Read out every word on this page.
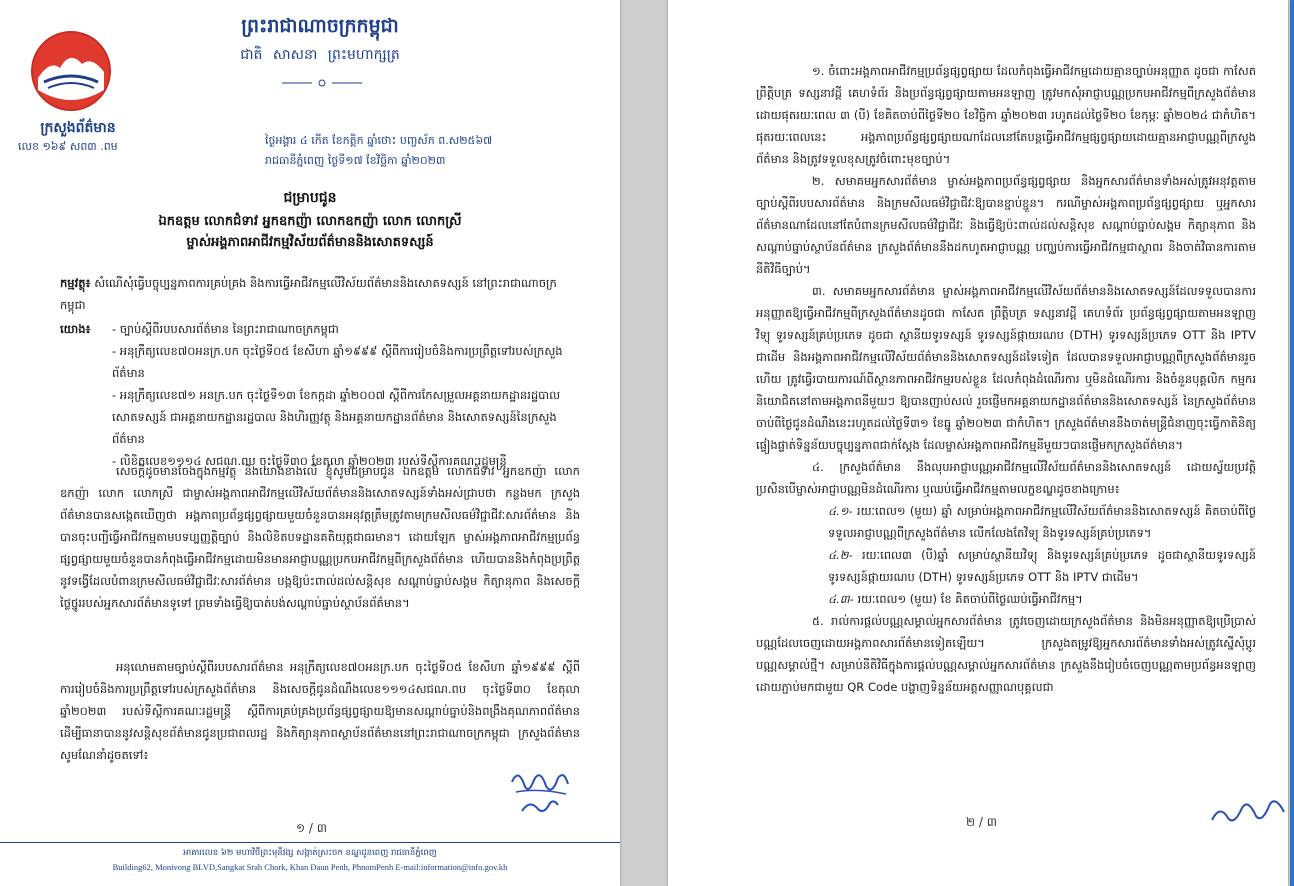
ក្រសួងព័ត៌មាន
លេខ ១៦៩ សព៣ .ពម
ព្រះរាជាណាចក្រកម្ពុជា
ជាតិ សាសនា ព្រះមហាក្សត្រ
ថ្ងៃអង្គារ ៤ កើត ខែកត្តិក ឆ្នាំថោះ បញ្ចស័ក ព.ស២៥៦៧
រាជធានីភ្នំពេញ ថ្ងៃទី១៧ ខែវិច្ឆិកា ឆ្នាំ២០២៣
ជម្រាបជូន
ឯកឧត្តម លោកជំទាវ អ្នកឧកញ៉ា លោកឧកញ៉ា លោក លោកស្រី
ម្ចាស់អង្គភាពអាជីវកម្មវិស័យព័ត៌មាននិងសោតទស្សន៍
កម្មវត្ថុ៖ សំណើសុំធ្វើបច្ចុប្បន្នភាពការគ្រប់គ្រង និងការធ្វើអាជីវកម្មលើវិស័យព័ត៌មាននិងសោតទស្សន៍ នៅព្រះរាជាណាចក្រកម្ពុជា
យោង៖ - ច្បាប់ស្តីពីរបបសារព័ត៌មាន នៃព្រះរាជាណាចក្រកម្ពុជា
- អនុក្រឹត្យលេខ៧០អនក្រ.បក ចុះថ្ងៃទី០៥ ខែសីហា ឆ្នាំ១៩៩៩ ស្តីពីការរៀបចំនិងការប្រព្រឹត្តទៅរបស់ក្រសួងព័ត៌មាន
- អនុក្រឹត្យលេខ៧១ អនក្រ.បក ចុះថ្ងៃទី១៣ ខែកក្កដា ឆ្នាំ២០០៧ ស្តីពីការកែសម្រួលអគ្គនាយកដ្ឋានរដ្ឋបាល សោតទស្សន៍ ជាអគ្គនាយកដ្ឋានរដ្ឋបាល និងហិរញ្ញវត្ថុ និងអគ្គនាយកដ្ឋានព័ត៌មាន និងសោតទស្សន៍នៃក្រសួងព័ត៌មាន
- លិខិតលេខ១១១៤ សជណ.ពប ចុះថ្ងៃទី៣០ ខែតុលា ឆ្នាំ២០២៣ របស់ទីស្តីការគណៈរដ្ឋមន្ត្រី
សេចក្តីដូចមានចែងក្នុងកម្មវត្ថុ និងយោងខាងលើ ខ្ញុំសូមជម្រាបជូន ឯកឧត្តម លោកជំទាវ អ្នកឧកញ៉ា លោកឧកញ៉ា លោក លោកស្រី ជាម្ចាស់អង្គភាពអាជីវកម្មលើវិស័យព័ត៌មាននិងសោតទស្សន៍ទាំងអស់ជ្រាបថា កន្លងមក ក្រសួងព័ត៌មានបានសង្កេតឃើញថា អង្គភាពប្រព័ន្ធផ្សព្វផ្សាយមួយចំនួនបានអនុវត្តត្រឹមត្រូវតាមក្រមសីលធម៌វិជ្ជាជីវៈសារព័ត៌មាន និងបានចុះបញ្ជីធ្វើអាជីវកម្មតាមបទប្បញ្ញត្តិច្បាប់ និងលិខិតបទដ្ឋានគតិយុត្តជាធរមាន។ ដោយឡែក ម្ចាស់អង្គភាពអាជីវកម្មប្រព័ន្ធផ្សព្វផ្សាយមួយចំនួនបានកំពុងធ្វើអាជីវកម្មដោយមិនមានអាជ្ញាបណ្ណប្រកបអាជីវកម្មពីក្រសួងព័ត៌មាន ហើយបាននិងកំពុងប្រព្រឹត្តនូវទង្វើដែលបំពានក្រមសីលធម៌វិជ្ជាជីវៈសារព័ត៌មាន បង្កឱ្យប៉ះពាល់ដល់សន្តិសុខ សណ្តាប់ធ្នាប់សង្គម កិត្យានុភាព និងសេចក្តីថ្លៃថ្នូររបស់អ្នកសារព័ត៌មានទូទៅ ព្រមទាំងធ្វើឱ្យបាត់បង់សណ្តាប់ធ្នាប់ស្ថាប័នព័ត៌មាន។
អនុលោមតាមច្បាប់ស្តីពីរបបសារព័ត៌មាន អនុក្រឹត្យលេខ៧០អនក្រ.បក ចុះថ្ងៃទី០៥ ខែសីហា ឆ្នាំ១៩៩៩ ស្តីពីការរៀបចំនិងការប្រព្រឹត្តទៅរបស់ក្រសួងព័ត៌មាន និងសេចក្តីជូនដំណឹងលេខ១១១៤សជណ.ពប ចុះថ្ងៃទី៣០ ខែតុលា ឆ្នាំ២០២៣ របស់ទីស្តីការគណៈរដ្ឋមន្ត្រី ស្តីពីការគ្រប់គ្រងប្រព័ន្ធផ្សព្វផ្សាយឱ្យមានសណ្តាប់ធ្នាប់និងពង្រឹងគុណភាពព័ត៌មាន ដើម្បីធានាបាននូវសន្តិសុខព័ត៌មានជូនប្រជាពលរដ្ឋ និងកិត្យានុភាពស្ថាប័នព័ត៌មាននៅព្រះរាជាណាចក្រកម្ពុជា ក្រសួងព័ត៌មាន សូមណែនាំដូចតទៅ៖
១ / ៣
អាគារលេខ ៦២ មហាវិថីព្រះមុនីវង្ស សង្កាត់ស្រះចក ខណ្ឌដូនពេញ រាជធានីភ្នំពេញ
Building62, Monivong BLVD,Sangkat Srah Chork, Khan Daun Penh, PhnomPenh E-mail:information@info.gov.kh

១. ចំពោះអង្គភាពអាជីវកម្មប្រព័ន្ធផ្សព្វផ្សាយ ដែលកំពុងធ្វើអាជីវកម្មដោយគ្មានច្បាប់អនុញ្ញាត ដូចជា កាសែត ព្រឹត្តិបត្រ ទស្សនាវដ្តី គេហទំព័រ និងប្រព័ន្ធផ្សព្វផ្សាយតាមអនឡាញ ត្រូវមកសុំអាជ្ញាបណ្ណប្រកបអាជីវកម្មពីក្រសួងព័ត៌មានដោយផុតរយៈពេល ៣ (បី) ខែគិតចាប់ពីថ្ងៃទី២០ ខែវិច្ឆិកា ឆ្នាំ២០២៣ រហូតដល់ថ្ងៃទី២០ ខែកុម្ភៈ ឆ្នាំ២០២៤ ជាកំហិត។ ផុតរយៈពេលនេះ អង្គភាពប្រព័ន្ធផ្សព្វផ្សាយណាដែលនៅតែបន្តធ្វើអាជីវកម្មផ្សព្វផ្សាយដោយគ្មានអាជ្ញាបណ្ណពីក្រសួងព័ត៌មាន និងត្រូវទទួលខុសត្រូវចំពោះមុខច្បាប់។

២. សមាគមអ្នកសារព័ត៌មាន ម្ចាស់អង្គភាពប្រព័ន្ធផ្សព្វផ្សាយ និងអ្នកសារព័ត៌មានទាំងអស់ត្រូវអនុវត្តតាមច្បាប់ស្តីពីរបបសារព័ត៌មាន និងក្រមសីលធម៌វិជ្ជាជីវៈឱ្យបានខ្ជាប់ខ្ជួន។ ករណីម្ចាស់អង្គភាពប្រព័ន្ធផ្សព្វផ្សាយ ឬអ្នកសារព័ត៌មានណាដែលនៅតែបំពានក្រមសីលធម៌វិជ្ជាជីវៈ និងធ្វើឱ្យប៉ះពាល់ដល់សន្តិសុខ សណ្តាប់ធ្នាប់សង្គម កិត្យានុភាព និងសណ្តាប់ធ្នាប់ស្ថាប័នព័ត៌មាន ក្រសួងព័ត៌មាននឹងដកហូតអាជ្ញាបណ្ណ បញ្ឈប់ការធ្វើអាជីវកម្មជាស្ថាពរ និងចាត់វិធានការតាមនីតិវិធីច្បាប់។

៣. សមាគមអ្នកសារព័ត៌មាន ម្ចាស់អង្គភាពអាជីវកម្មលើវិស័យព័ត៌មាននិងសោតទស្សន៍ដែលទទួលបានការអនុញ្ញាតឱ្យធ្វើអាជីវកម្មពីក្រសួងព័ត៌មានដូចជា កាសែត ព្រឹត្តិបត្រ ទស្សនាវដ្តី គេហទំព័រ ប្រព័ន្ធផ្សព្វផ្សាយតាមអនឡាញ វិទ្យុ ទូរទស្សន៍គ្រប់ប្រភេទ ដូចជា ស្ថានីយទូរទស្សន៍ ទូរទស្សន៍ផ្កាយរណប (DTH) ទូរទស្សន៍ប្រភេទ OTT និង IPTV ជាដើម និងអង្គភាពអាជីវកម្មលើវិស័យព័ត៌មាននិងសោតទស្សន៍ដទៃទៀត ដែលបានទទួលអាជ្ញាបណ្ណពីក្រសួងព័ត៌មានរួចហើយ ត្រូវធ្វើរបាយការណ៍ពីស្ថានភាពអាជីវកម្មរបស់ខ្លួន ដែលកំពុងដំណើរការ ឬមិនដំណើរការ និងចំនួនបុគ្គលិក កម្មករ និយោជិតនៅតាមអង្គភាពនីមួយៗ ឱ្យបានញាប់សល់ រួចផ្ញើមកអគ្គនាយកដ្ឋានព័ត៌មាននិងសោតទស្សន៍ នៃក្រសួងព័ត៌មាន ចាប់ពីថ្ងៃជូនដំណឹងនេះរហូតដល់ថ្ងៃទី៣១ ខែធ្នូ ឆ្នាំ២០២៣ ជាកំហិត។ ក្រសួងព័ត៌មាននឹងចាត់មន្ត្រីជំនាញចុះធ្វើកាតិនិត្យផ្ទៀងផ្ទាត់ទិន្នន័យបច្ចុប្បន្នភាពជាក់ស្តែង ដែលម្ចាស់អង្គភាពអាជីវកម្មនីមួយៗបានផ្ញើមកក្រសួងព័ត៌មាន។

៤. ក្រសួងព័ត៌មាន នឹងលុបអាជ្ញាបណ្ណអាជីវកម្មលើវិស័យព័ត៌មាននិងសោតទស្សន៍ ដោយស្វ័យប្រវត្តិ ប្រសិនបើម្ចាស់អាជ្ញាបណ្ណមិនដំណើរការ ឬឈប់ធ្វើអាជីវកម្មតាមលក្ខខណ្ឌដូចខាងក្រោម៖

៤.១- រយៈពេល១ (មួយ) ឆ្នាំ សម្រាប់អង្គភាពអាជីវកម្មលើវិស័យព័ត៌មាននិងសោតទស្សន៍ គិតចាប់ពីថ្ងៃទទួលអាជ្ញាបណ្ណពីក្រសួងព័ត៌មាន លើកលែងតែវិទ្យុ និងទូរទស្សន៍គ្រប់ប្រភេទ។

៤.២- រយៈពេល៣ (បី)ឆ្នាំ សម្រាប់ស្ថានីយវិទ្យុ និងទូរទស្សន៍គ្រប់ប្រភេទ ដូចជាស្ថានីយទូរទស្សន៍ ទូរទស្សន៍ផ្កាយរណប (DTH) ទូរទស្សន៍ប្រភេទ OTT និង IPTV ជាដើម។

៤.៣- រយៈពេល១ (មួយ) ខែ គិតចាប់ពីថ្ងៃឈប់ធ្វើអាជីវកម្ម។

៥. រាល់ការផ្តល់បណ្ណសម្គាល់អ្នកសារព័ត៌មាន ត្រូវចេញដោយក្រសួងព័ត៌មាន និងមិនអនុញ្ញាតឱ្យប្រើប្រាស់បណ្ណដែលចេញដោយអង្គភាពសារព័ត៌មានទៀតឡើយ។ ក្រសួងតម្រូវឱ្យអ្នកសារព័ត៌មានទាំងអស់ត្រូវស្នើសុំប្តូរបណ្ណសម្គាល់ថ្មី។ សម្រាប់នីតិវិធីក្នុងការផ្តល់បណ្ណសម្គាល់អ្នកសារព័ត៌មាន ក្រសួងនឹងរៀបចំចេញបណ្ណតាមប្រព័ន្ធអនឡាញដោយភ្ជាប់មកជាមួយ QR Code បង្ហាញទិន្នន័យអត្តសញ្ញាណបុគ្គលជា

២ / ៣
